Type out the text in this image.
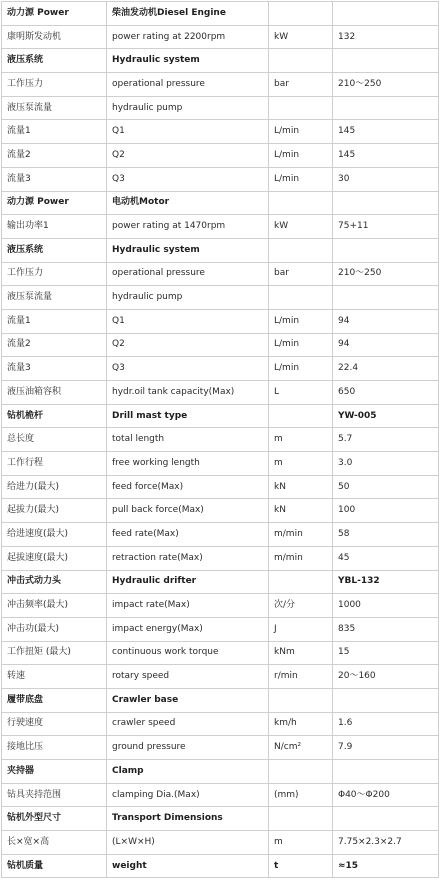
动力源 Power	柴油发动机Diesel Engine		
康明斯发动机	power rating at 2200rpm	kW	132
液压系统	Hydraulic system		
工作压力	operational pressure	bar	210～250
液压泵流量	hydraulic pump		
流量1	Q1	L/min	145
流量2	Q2	L/min	145
流量3	Q3	L/min	30
动力源 Power	电动机Motor		
输出功率1	power rating at 1470rpm	kW	75+11
液压系统	Hydraulic system		
工作压力	operational pressure	bar	210～250
液压泵流量	hydraulic pump		
流量1	Q1	L/min	94
流量2	Q2	L/min	94
流量3	Q3	L/min	22.4
液压油箱容积	hydr.oil tank capacity(Max)	L	650
钻机桅杆	Drill mast type		YW-005
总长度	total length	m	5.7
工作行程	free working length	m	3.0
给进力(最大)	feed force(Max)	kN	50
起拔力(最大)	pull back force(Max)	kN	100
给进速度(最大)	feed rate(Max)	m/min	58
起拔速度(最大)	retraction rate(Max)	m/min	45
冲击式动力头	Hydraulic drifter		YBL-132
冲击频率(最大)	impact rate(Max)	次/分	1000
冲击功(最大)	impact energy(Max)	J	835
工作扭矩 (最大)	continuous work torque	kNm	15
转速	rotary speed	r/min	20～160
履带底盘	Crawler base		
行驶速度	crawler speed	km/h	1.6
接地比压	ground pressure	N/cm²	7.9
夹持器	Clamp		
钻具夹持范围	clamping Dia.(Max)	(mm)	Φ40～Φ200
钻机外型尺寸	Transport Dimensions		
长×宽×高	(L×W×H)	m	7.75×2.3×2.7
钻机质量	weight	t	≈15
